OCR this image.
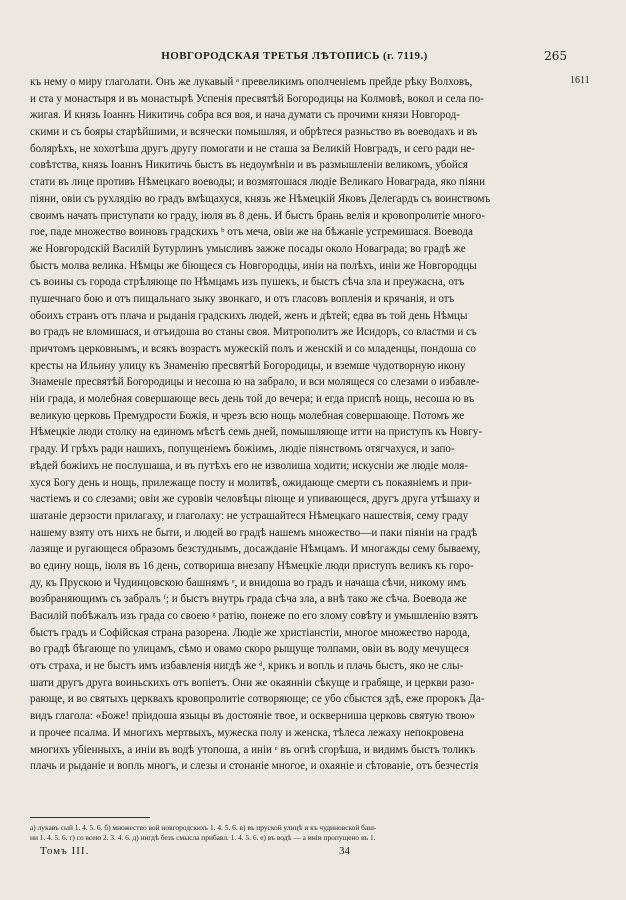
НОВГОРОДСКАЯ ТРЕТЬЯ ЛѢТОПИСЬ (г. 7119.)	265
1611
къ нему о миру глаголати. Онъ же лукавый ᵃ превеликимъ ополченіемъ прейде рѣку Волховъ,
и ста у монастыря и въ монастырѣ Успенія пресвятѣй Богородицы на Колмовѣ, вокол и села по-
жигая. И князь Іоаннъ Никитичь собра вся воя, и нача думати съ прочими князи Новгород-
скими и съ бояры старѣйшими, и всячески помышляя, и обрѣтеся разньство въ воеводахъ и въ
болярѣхъ, не хохотѣша другъ другу помогати и не сташа за Великій Новградъ, и сего ради не-
совѣтства, князь Іоаннъ Никитичь быстъ въ недоумѣніи и въ размышленіи великомъ, убойся
стати въ лице противъ Нѣмецкаго воеводы; и возмятошася людіе Великаго Новаграда, яко піяни
піяни, овіи съ рухлядію во градъ вмѣщахуся, князь же Нѣмецкій Яковъ Делегардъ съ воинствомъ
своимъ начать приступати ко граду, іюля въ 8 день. И быстъ брань велія и кровопролитіе много-
гое, паде множество воиновъ градскихъ ᵇ отъ меча, овіи же на бѣжаніе устремишася. Воевода
же Новгородскій Василій Бутурлинъ умысливъ зажже посады около Новаграда; во градѣ же
быстъ молва велика. Нѣмцы же біющеся съ Новгородцы, иніи на полѣхъ, иніи же Новгородцы
съ воины съ города стрѣляюще по Нѣмцамъ изъ пушекъ, и быстъ сѣча зла и преужасна, отъ
пушечнаго бою и отъ пищальнаго зыку звонкаго, и отъ гласовъ вопленія и крячанія, и отъ
обоихъ странъ отъ плача и рыданія градскихъ людей, женъ и дѣтей; едва въ той день Нѣмцы
во градъ не вломишася, и отъидоша во станы своя. Митрополитъ же Исидоръ, со властми и съ
причтомъ церковнымъ, и всякъ возрастъ мужескій полъ и женскій и со младенцы, пондоша со
кресты на Ильину улицу къ Знаменію пресвятѣй Богородицы, и вземше чудотворную икону
Знаменіе пресвятѣй Богородицы и несоша ю на забрало, и вси молящеся со слезами о избавле-
ніи града, и молебная совершающе весь день той до вечера; и егда приспѣ нощь, несоша ю въ
великую церковь Премудрости Божія, и чрезъ всю нощь молебная совершающе. Потомъ же
Нѣмецкіе люди столку на единомъ мѣстѣ семь дней, помышляюще итти на приступъ къ Новгу-
граду. И грѣхъ ради нашихъ, попущеніемъ божіимъ, людіе піянствомъ отягчахуся, и запо-
вѣдей божіихъ не послушаша, и въ путѣхъ его не изволиша ходити; искусніи же людіе моля-
хуся Богу день и нощь, прилежаще посту и молитвѣ, ожидающе смерти съ покаяніемъ и при-
частіемъ и со слезами; овіи же суровіи человѣцы піюще и упивающеся, другъ друга утѣшаху и
шатаніе дерзости прилагаху, и глаголаху: не устрашайтеся Нѣмецкаго нашествія, сему граду
нашему взяту отъ нихъ не быти, и людей во градѣ нашемъ множество—и паки піяніи на градѣ
лазяще и ругающеся образомъ безстуднымъ, досажданіе Нѣмцамъ. И многажды сему бываему,
во едину нощь, іюля въ 16 день, сотвориша внезапу Нѣмецкіе люди приступъ великъ къ горо-
ду, къ Прускою и Чудинцовскою башнямъ ᵉ, и внидоша во градъ и начаша сѣчи, никому имъ
возбраняющимъ съ забралъ ᶠ; и быстъ внутрь града сѣча зла, а внѣ тако же сѣча. Воевода же
Василій побѣжалъ изъ града со своею ᵍ ратію, понеже по его злому совѣту и умышленію взятъ
быстъ градъ и Софійская страна разорена. Людіе же христіанстіи, многое множество народа,
во градѣ бѣгающе по улицамъ, сѣмо и овамо скоро рыщуще толпами, овіи въ воду мечущеся
отъ страха, и не быстъ имъ избавленія нигдѣ же ᵈ, крикъ и вопль и плачь быстъ, яко не слы-
шати другъ друга воиньскихъ отъ вопіетъ. Они же окаянніи сѣкуще и грабяще, и церкви разо-
рающе, и во святыхъ церквахъ кровопролитіе сотворяюще; се убо сбыстся здѣ, еже пророкъ Да-
видъ глагола: «Боже! пріидоша языцы въ достояніе твое, и оскверниша церковь святую твою»
и прочее псалма. И многихъ мертвыхъ, мужеска полу и женска, тѣлеса лежаху непокровена
многихъ убіенныхъ, а иніи въ водѣ утопоша, а иніи ᵉ въ огнѣ сгорѣша, и видимъ быстъ толикъ
плачь и рыданіе и вопль многъ, и слезы и стонаніе многое, и охаяніе и сѣтованіе, отъ безчестія
а) лукавъ сый 1. 4. 5. 6. б) множество вой новгородскихъ 1. 4. 5. 6. в) въ пруской улицѣ и къ чудиновской баш-
ни 1. 4. 5. 6. г) со всею 2. 3. 4. 6. д) нигдѣ безъ смысла прибавл. 1. 4. 5. 6. е) въ водѣ — а иніи пропущено въ 1.
Томъ III.	34
